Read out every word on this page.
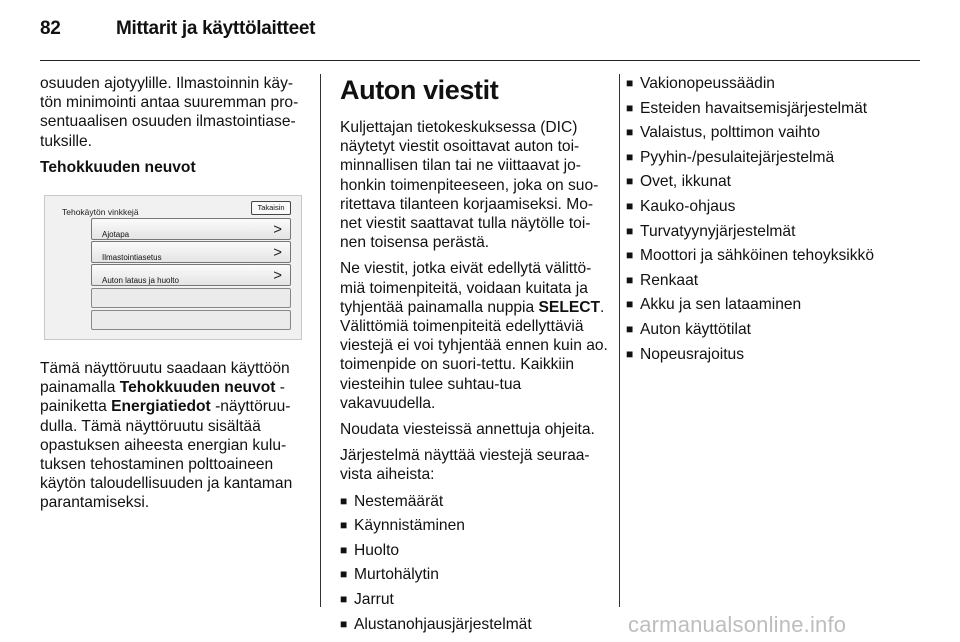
82	Mittarit ja käyttölaitteet

osuuden ajotyylille. Ilmastoinnin käy-tön minimointi antaa suuremman pro-sentuaalisen osuuden ilmastointiase-tuksille.

Tehokkuuden neuvot

Tehokäytön vinkkejä	Takaisin
Ajotapa	>
Ilmastointiasetus	>
Auton lataus ja huolto	>

Tämä näyttöruutu saadaan käyttöön painamalla Tehokkuuden neuvot -painiketta Energiatiedot -näyttöruu-dulla. Tämä näyttöruutu sisältää opastuksen aiheesta energian kulu-tuksen tehostaminen polttoaineen käytön taloudellisuuden ja kantaman parantamiseksi.

Auton viestit

Kuljettajan tietokeskuksessa (DIC) näytetyt viestit osoittavat auton toi-minnallisen tilan tai ne viittaavat jo-honkin toimenpiteeseen, joka on suo-ritettava tilanteen korjaamiseksi. Mo-net viestit saattavat tulla näytölle toi-nen toisensa perästä.

Ne viestit, jotka eivät edellytä välittö-miä toimenpiteitä, voidaan kuitata ja tyhjentää painamalla nuppia SELECT. Välittömiä toimenpiteitä edellyttäviä viestejä ei voi tyhjentää ennen kuin ao. toimenpide on suori-tettu. Kaikkiin viesteihin tulee suhtau-tua vakavuudella.

Noudata viesteissä annettuja ohjeita.

Järjestelmä näyttää viestejä seuraa-vista aiheista:

■ Nestemäärät
■ Käynnistäminen
■ Huolto
■ Murtohälytin
■ Jarrut
■ Alustanohjausjärjestelmät
■ Vakionopeussäädin
■ Esteiden havaitsemisjärjestelmät
■ Valaistus, polttimon vaihto
■ Pyyhin-/pesulaitejärjestelmä
■ Ovet, ikkunat
■ Kauko-ohjaus
■ Turvatyynyjärjestelmät
■ Moottori ja sähköinen tehoyksikkö
■ Renkaat
■ Akku ja sen lataaminen
■ Auton käyttötilat
■ Nopeusrajoitus
carmanualsonline.info
